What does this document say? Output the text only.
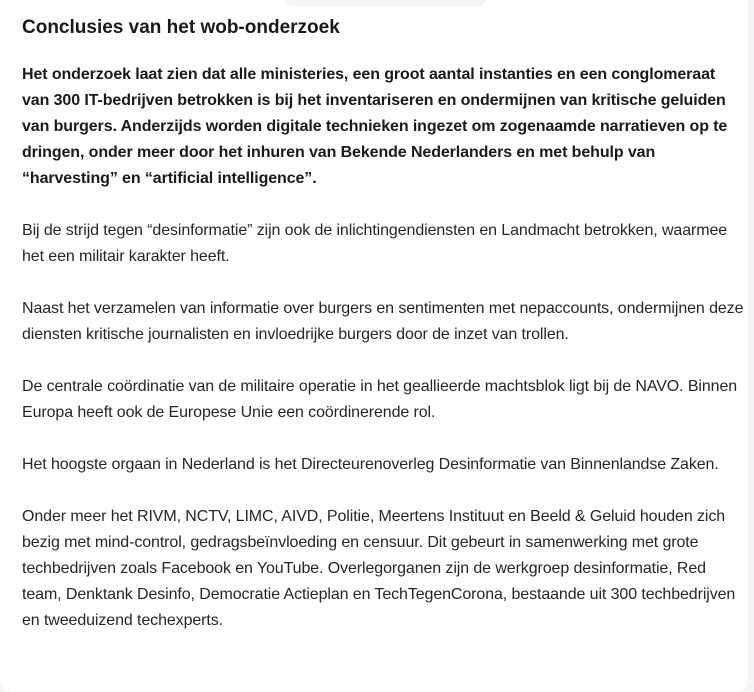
Conclusies van het wob-onderzoek

Het onderzoek laat zien dat alle ministeries, een groot aantal instanties en een conglomeraat van 300 IT-bedrijven betrokken is bij het inventariseren en ondermijnen van kritische geluiden van burgers. Anderzijds worden digitale technieken ingezet om zogenaamde narratieven op te dringen, onder meer door het inhuren van Bekende Nederlanders en met behulp van “harvesting” en “artificial intelligence”.

Bij de strijd tegen “desinformatie” zijn ook de inlichtingendiensten en Landmacht betrokken, waarmee het een militair karakter heeft.

Naast het verzamelen van informatie over burgers en sentimenten met nepaccounts, ondermijnen deze diensten kritische journalisten en invloedrijke burgers door de inzet van trollen.

De centrale coördinatie van de militaire operatie in het geallieerde machtsblok ligt bij de NAVO. Binnen Europa heeft ook de Europese Unie een coördinerende rol.

Het hoogste orgaan in Nederland is het Directeurenoverleg Desinformatie van Binnenlandse Zaken.

Onder meer het RIVM, NCTV, LIMC, AIVD, Politie, Meertens Instituut en Beeld & Geluid houden zich bezig met mind-control, gedragsbeïnvloeding en censuur. Dit gebeurt in samenwerking met grote techbedrijven zoals Facebook en YouTube. Overlegorganen zijn de werkgroep desinformatie, Red team, Denktank Desinfo, Democratie Actieplan en TechTegenCorona, bestaande uit 300 techbedrijven en tweeduizend techexperts.
